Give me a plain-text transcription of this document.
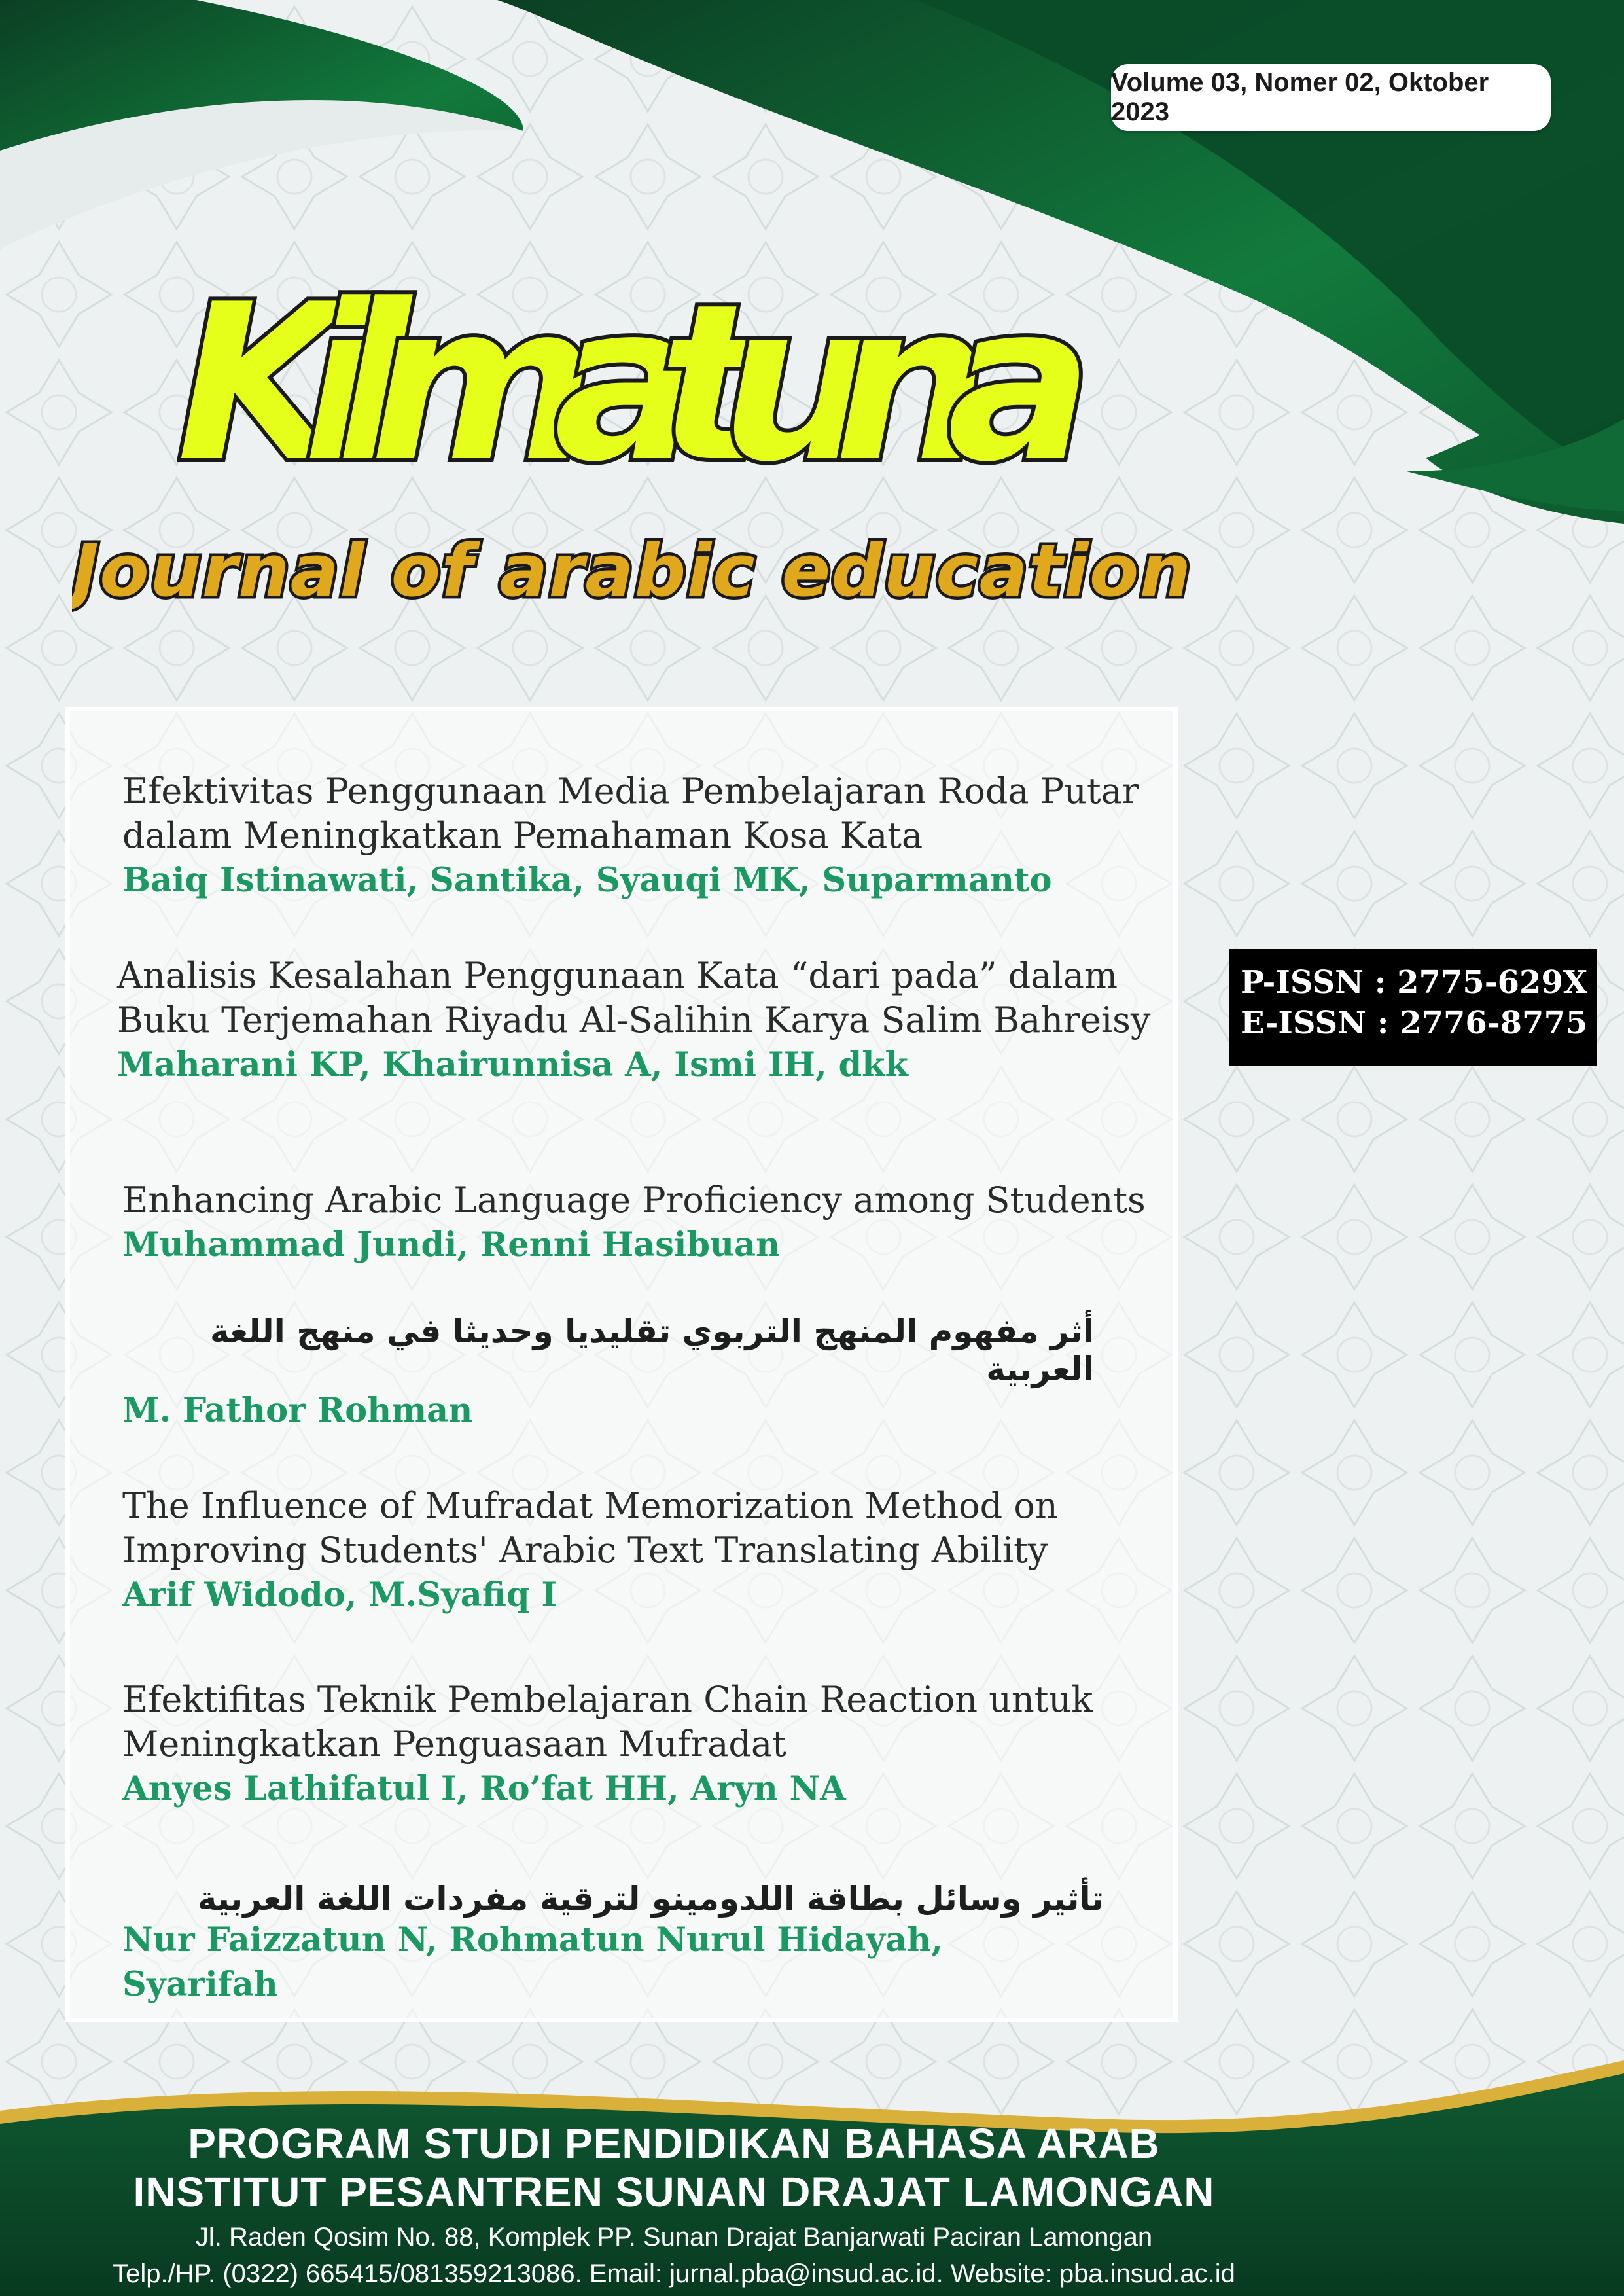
Volume 03, Nomer 02, Oktober 2023
Kilmatuna
Journal of arabic education
Efektivitas Penggunaan Media Pembelajaran Roda Putar
dalam Meningkatkan Pemahaman Kosa Kata
Baiq Istinawati, Santika, Syauqi MK, Suparmanto
Analisis Kesalahan Penggunaan Kata “dari pada” dalam
Buku Terjemahan Riyadu Al-Salihin Karya Salim Bahreisy
Maharani KP, Khairunnisa A, Ismi IH, dkk
Enhancing Arabic Language Proficiency among Students
Muhammad Jundi, Renni Hasibuan
أثر مفهوم المنهج التربوي تقليديا وحديثا في منهج اللغة العربية
M. Fathor Rohman
The Influence of Mufradat Memorization Method on
Improving Students' Arabic Text Translating Ability
Arif Widodo, M.Syafiq I
Efektifitas Teknik Pembelajaran Chain Reaction untuk
Meningkatkan Penguasaan Mufradat
Anyes Lathifatul I, Ro’fat HH, Aryn NA
تأثير وسائل بطاقة اللدومينو لترقية مفردات اللغة العربية
Nur Faizzatun N, Rohmatun Nurul Hidayah, Syarifah
P-ISSN : 2775-629X
E-ISSN : 2776-8775
PROGRAM STUDI PENDIDIKAN BAHASA ARAB
INSTITUT PESANTREN SUNAN DRAJAT LAMONGAN
Jl. Raden Qosim No. 88, Komplek PP. Sunan Drajat Banjarwati Paciran Lamongan
Telp./HP. (0322) 665415/081359213086. Email: jurnal.pba@insud.ac.id. Website: pba.insud.ac.id
